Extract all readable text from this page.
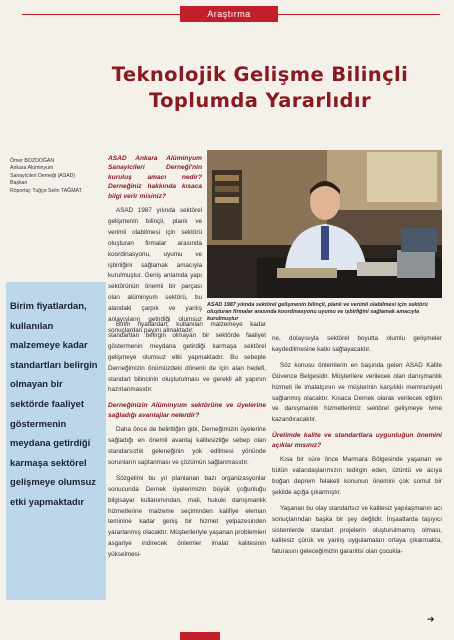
Araştırma
Teknolojik Gelişme Bilinçli
Toplumda Yararlıdır
Ömer BOZDOĞAN
Ankara Alüminyum
Sanayicileri Derneği (ASAD)
Başkan
Röportaj: Tuğçe Selin TAĞMAT
Birim fiyatlardan, kullanılan malzemeye kadar standartları belirgin olmayan bir sektörde faaliyet göstermenin meydana getirdiği karmaşa sektörel gelişmeye olumsuz etki yapmaktadır

ASAD Ankara Alüminyum Sanayicileri Derneği'nin kuruluş amacı nedir? Derneğiniz hakkında kısaca bilgi verir misiniz?

ASAD 1987 yılında sektörel gelişmenin bilinçli, planlı ve verimli olabilmesi için sektörü oluşturan firmalar arasında koordinasyonu, uyumu ve işbirliğini sağlamak amacıyla kurulmuştur. Geniş anlamda yapı sektörünün önemli bir parçası olan alüminyum sektörü, bu alandaki çarpık ve yanlış anlayışların getirdiği olumsuz sonuçlardan payını almaktadır.

Birim fiyatlardan, kullanılan malzemeye kadar standartları belirgin olmayan bir sektörde faaliyet göstermenin meydana getirdiği karmaşa sektörel gelişmeye olumsuz etki yapmaktadır. Bu sebeple Derneğimizin önümüzdeki dönemi de için alan hedefi, standart bilincinin oluşturulması ve gerekli alt yapının hazırlanmasıdır.

Derneğinizin Alüminyum sektörüne ve üyelerine sağladığı avantajlar nelerdir?

Daha önce de belirttiğim gibi, Derneğimizin üyelerine sağladığı en önemli avantaj kalitesizliğe sebep olan standarsızlık geleneğinin yok edilmesi yönünde sorunların saptanması ve çözümün sağlanmasıdır.

Sözgelimi bu yıl planlanan bazı organizasyonlar sonucunda Dernek üyelerimizin büyük çoğunluğu bilgisayar kullanımından, mali, hukuki danışmanlık hizmetlerine malzeme seçiminden kalifiye eleman teminine kadar geniş bir hizmet yelpazesinden yararlanmış olacaktır. Müşterileriyle yaşanan problemleri asgariye indirecek önlemler imalat kalitesinin yükselmesi-

ASAD 1987 yılında sektörel gelişmenin bilinçli, planlı ve verimli olabilmesi için sektörü oluşturan firmalar arasında koordinasyonu uyumu ve işbirliğini sağlamak amacıyla kurulmuştur

ne, dolayısıyla sektörel boyutta olumlu gelişmeler kaydedilmesine katkı sağlayacaktır.

Söz konusu önlemlerin en başında gelen ASAD Kalite Güvence Belgesidir. Müşterilere verilecek olan danışmanlık hizmeti ile imalatçının ve müşterinin karşılıklı memnuniyeti sağlanmış olacaktır. Kısaca Dernek olarak verilecek eğitim ve danışmanlık hizmetlerimiz sektörel gelişmeye ivme kazandıracaktır.

Üretimde kalite ve standartlara uygunluğun önemini açıklar mısınız?

Kısa bir süre önce Marmara Bölgesinde yaşanan ve bütün vatandaşlarımızın tedirgin eden, üzüntü ve acıya boğan deprem felaketi konunun önemini çok somut bir şekilde açığa çıkarmıştır.

Yaşanan bu olay standartsız ve kalitesiz yapılaşmanın acı sonuçlarından başka bir şey değildir. İnşaatlarda taşıyıcı sistemlerde standart projelerin oluşturulmamış olması, kalitesiz çürük ve yanlış uygulamaları ortaya çıkarmakta, faturasını geleceğimizin garantisi olan çocukla-

➜
